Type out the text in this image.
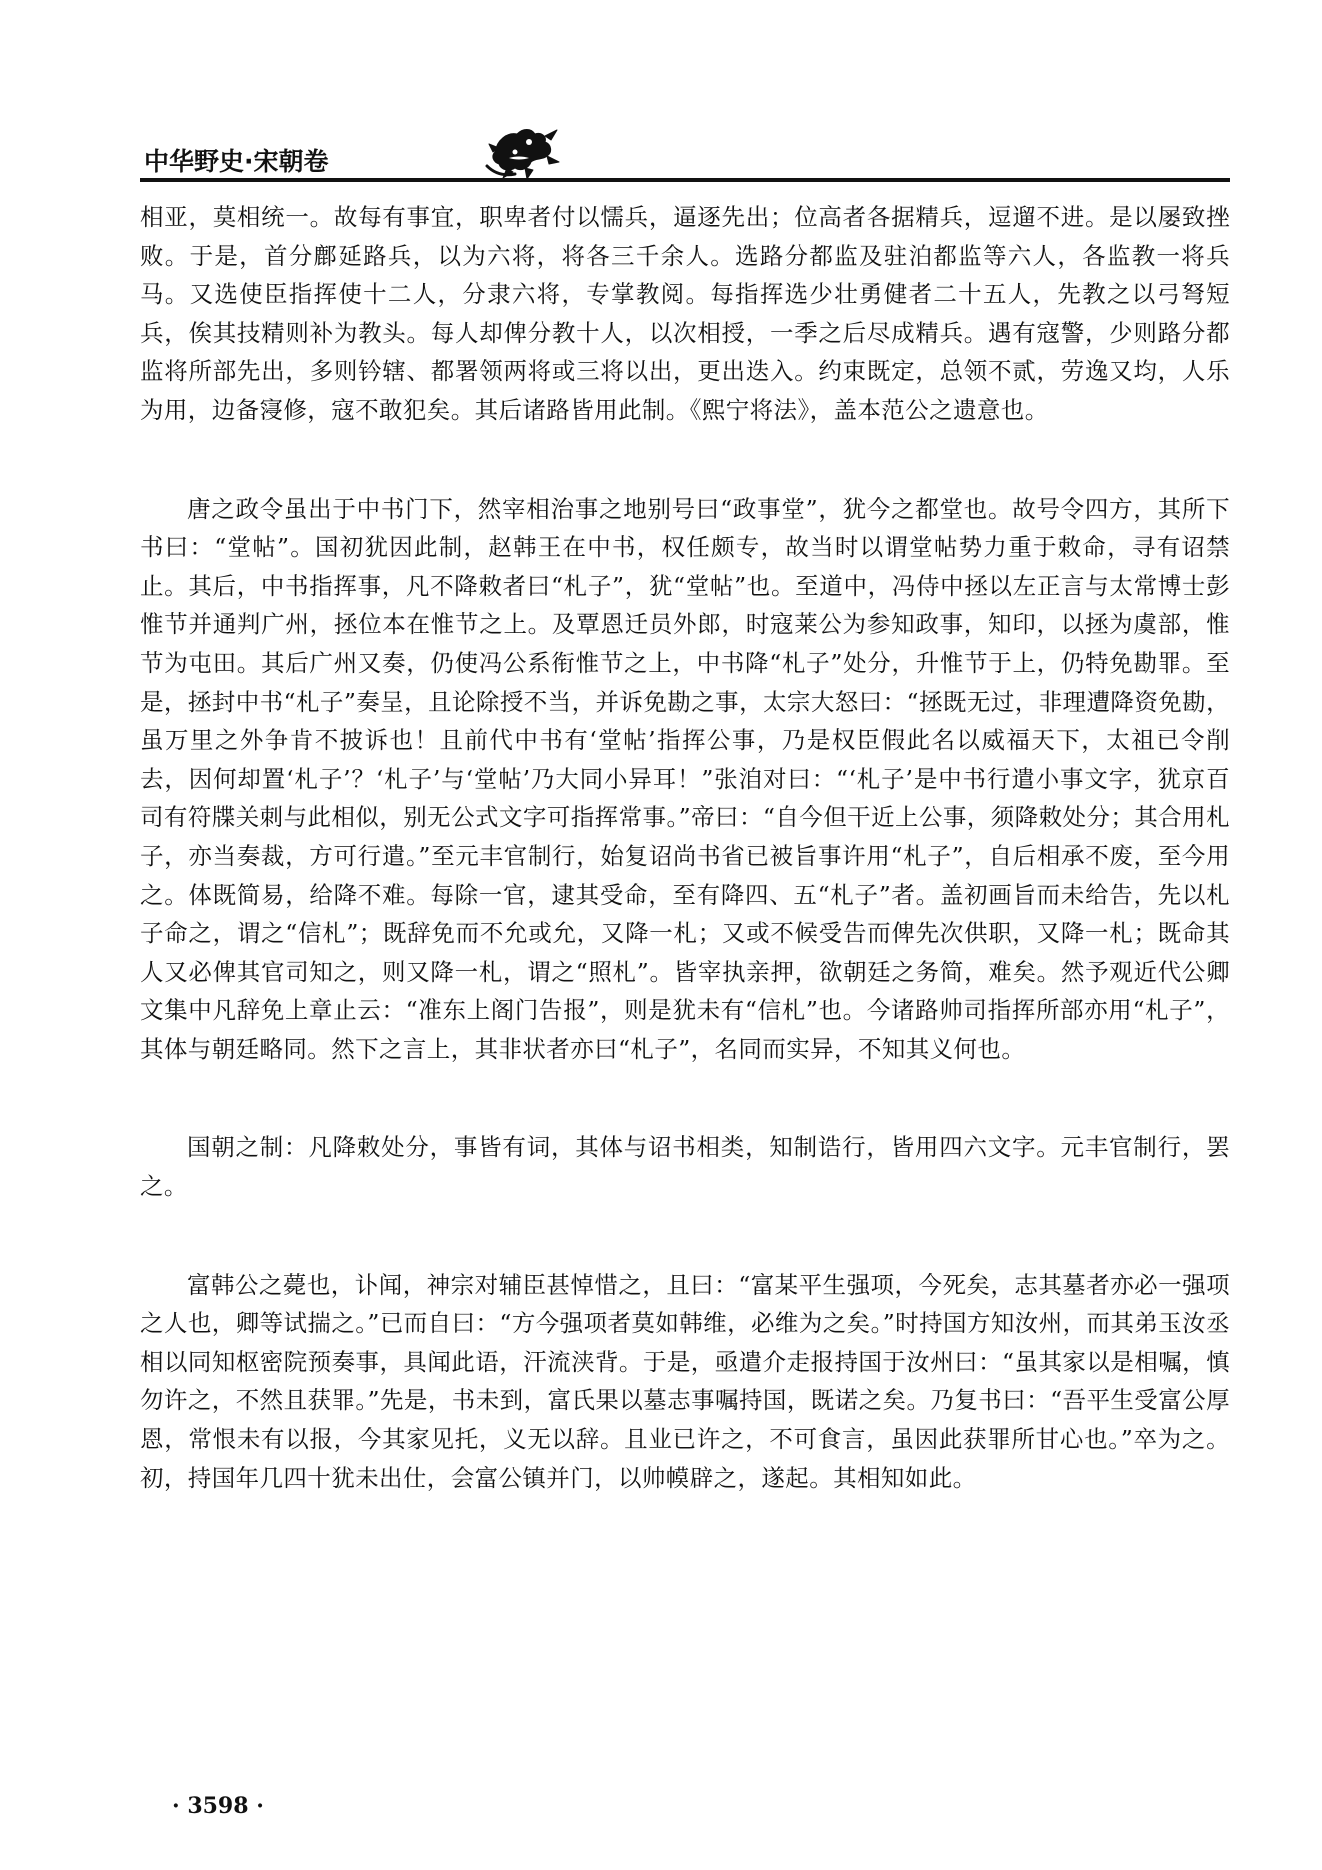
中华野史·宋朝卷

相亚，莫相统一。故每有事宜，职卑者付以懦兵，逼逐先出；位高者各据精兵，逗遛不进。是以屡致挫败。于是，首分鄜延路兵，以为六将，将各三千余人。选路分都监及驻泊都监等六人，各监教一将兵马。又选使臣指挥使十二人，分隶六将，专掌教阅。每指挥选少壮勇健者二十五人，先教之以弓弩短兵，俟其技精则补为教头。每人却俾分教十人，以次相授，一季之后尽成精兵。遇有寇警，少则路分都监将所部先出，多则钤辖、都署领两将或三将以出，更出迭入。约束既定，总领不贰，劳逸又均，人乐为用，边备寖修，寇不敢犯矣。其后诸路皆用此制。《熙宁将法》，盖本范公之遗意也。

唐之政令虽出于中书门下，然宰相治事之地别号曰“政事堂”，犹今之都堂也。故号令四方，其所下书曰：“堂帖”。国初犹因此制，赵韩王在中书，权任颇专，故当时以谓堂帖势力重于敕命，寻有诏禁止。其后，中书指挥事，凡不降敕者曰“札子”，犹“堂帖”也。至道中，冯侍中拯以左正言与太常博士彭惟节并通判广州，拯位本在惟节之上。及覃恩迁员外郎，时寇莱公为参知政事，知印，以拯为虞部，惟节为屯田。其后广州又奏，仍使冯公系衔惟节之上，中书降“札子”处分，升惟节于上，仍特免勘罪。至是，拯封中书“札子”奏呈，且论除授不当，并诉免勘之事，太宗大怒曰：“拯既无过，非理遭降资免勘，虽万里之外争肯不披诉也！且前代中书有‘堂帖’指挥公事，乃是权臣假此名以威福天下，太祖已令削去，因何却置‘札子’？‘札子’与‘堂帖’乃大同小异耳！”张洎对曰：“‘札子’是中书行遣小事文字，犹京百司有符牒关刺与此相似，别无公式文字可指挥常事。”帝曰：“自今但干近上公事，须降敕处分；其合用札子，亦当奏裁，方可行遣。”至元丰官制行，始复诏尚书省已被旨事许用“札子”，自后相承不废，至今用之。体既简易，给降不难。每除一官，逮其受命，至有降四、五“札子”者。盖初画旨而未给告，先以札子命之，谓之“信札”；既辞免而不允或允，又降一札；又或不候受告而俾先次供职，又降一札；既命其人又必俾其官司知之，则又降一札，谓之“照札”。皆宰执亲押，欲朝廷之务简，难矣。然予观近代公卿文集中凡辞免上章止云：“准东上阁门告报”，则是犹未有“信札”也。今诸路帅司指挥所部亦用“札子”，其体与朝廷略同。然下之言上，其非状者亦曰“札子”，名同而实异，不知其义何也。

国朝之制：凡降敕处分，事皆有词，其体与诏书相类，知制诰行，皆用四六文字。元丰官制行，罢之。

富韩公之薨也，讣闻，神宗对辅臣甚悼惜之，且曰：“富某平生强项，今死矣，志其墓者亦必一强项之人也，卿等试揣之。”已而自曰：“方今强项者莫如韩维，必维为之矣。”时持国方知汝州，而其弟玉汝丞相以同知枢密院预奏事，具闻此语，汗流浃背。于是，亟遣介走报持国于汝州曰：“虽其家以是相嘱，慎勿许之，不然且获罪。”先是，书未到，富氏果以墓志事嘱持国，既诺之矣。乃复书曰：“吾平生受富公厚恩，常恨未有以报，今其家见托，义无以辞。且业已许之，不可食言，虽因此获罪所甘心也。”卒为之。初，持国年几四十犹未出仕，会富公镇并门，以帅幙辟之，遂起。其相知如此。

· 3598 ·
